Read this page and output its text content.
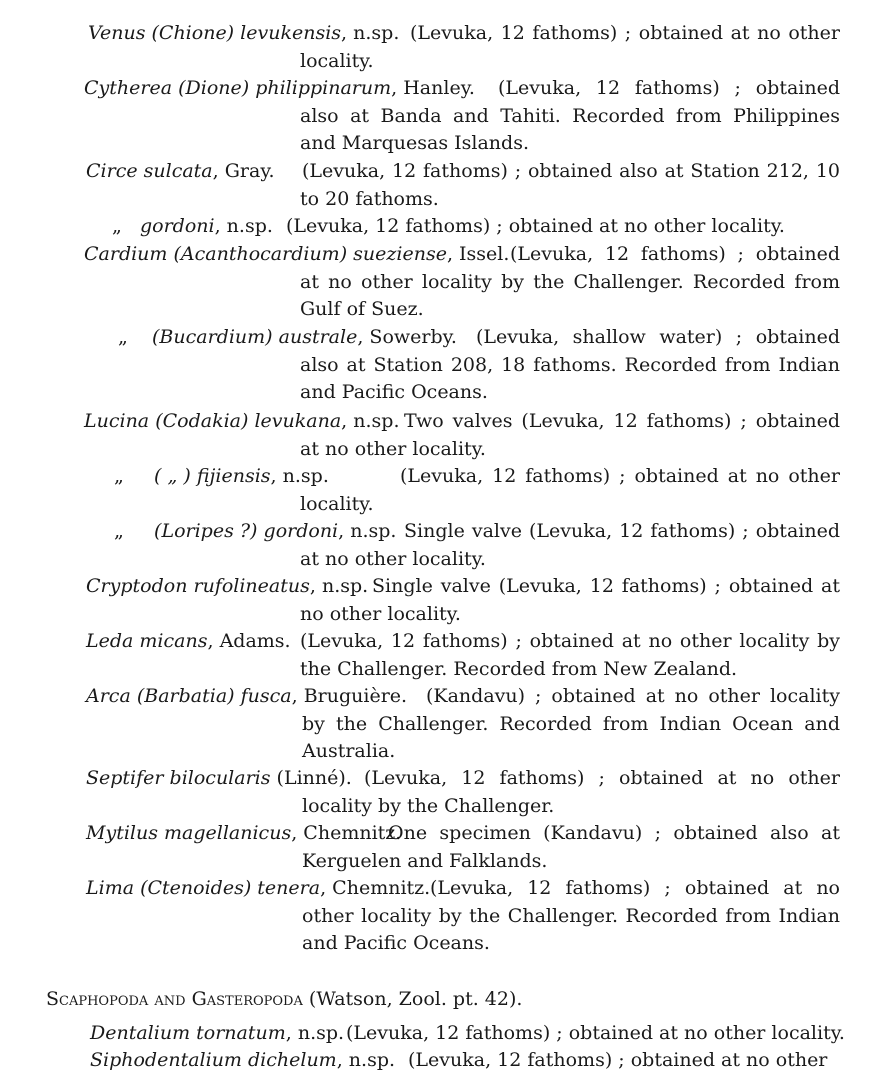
Venus (Chione) levukensis, n.sp. (Levuka, 12 fathoms) ; obtained at no other locality.
Cytherea (Dione) philippinarum, Hanley.	(Levuka, 12 fathoms) ; obtained also at Banda and Tahiti. Recorded from Philippines and Marquesas Islands.
Circe sulcata, Gray. (Levuka, 12 fathoms) ; obtained also at Station 212, 10 to 20 fathoms.
„ gordoni, n.sp. (Levuka, 12 fathoms) ; obtained at no other locality.
Cardium (Acanthocardium) sueziense, Issel. (Levuka, 12 fathoms) ; obtained at no other locality by the Challenger. Recorded from Gulf of Suez.
„ (Bucardium) australe, Sowerby.	(Levuka, shallow water) ; obtained also at Station 208, 18 fathoms. Recorded from Indian and Pacific Oceans.
Lucina (Codakia) levukana, n.sp. Two valves (Levuka, 12 fathoms) ; obtained at no other locality.
„ ( „ ) fijiensis, n.sp.	(Levuka, 12 fathoms) ; obtained at no other locality.
„ (Loripes ?) gordoni, n.sp. Single valve (Levuka, 12 fathoms) ; obtained at no other locality.
Cryptodon rufolineatus, n.sp. Single valve (Levuka, 12 fathoms) ; obtained at no other locality.
Leda micans, Adams. (Levuka, 12 fathoms) ; obtained at no other locality by the Challenger. Recorded from New Zealand.
Arca (Barbatia) fusca, Bruguière. (Kandavu) ; obtained at no other locality by the Challenger. Recorded from Indian Ocean and Australia.
Septifer bilocularis (Linné). (Levuka, 12 fathoms) ; obtained at no other locality by the Challenger.
Mytilus magellanicus, Chemnitz.
One specimen (Kandavu) ; obtained also at Kerguelen and Falklands.
Lima (Ctenoides) tenera, Chemnitz. (Levuka, 12 fathoms) ; obtained at no other locality by the Challenger. Recorded from Indian and Pacific Oceans.
Scaphopoda and Gasteropoda (Watson, Zool. pt. 42).
Dentalium tornatum, n.sp. (Levuka, 12 fathoms) ; obtained at no other locality.
Siphodentalium dichelum, n.sp. (Levuka, 12 fathoms) ; obtained at no other
